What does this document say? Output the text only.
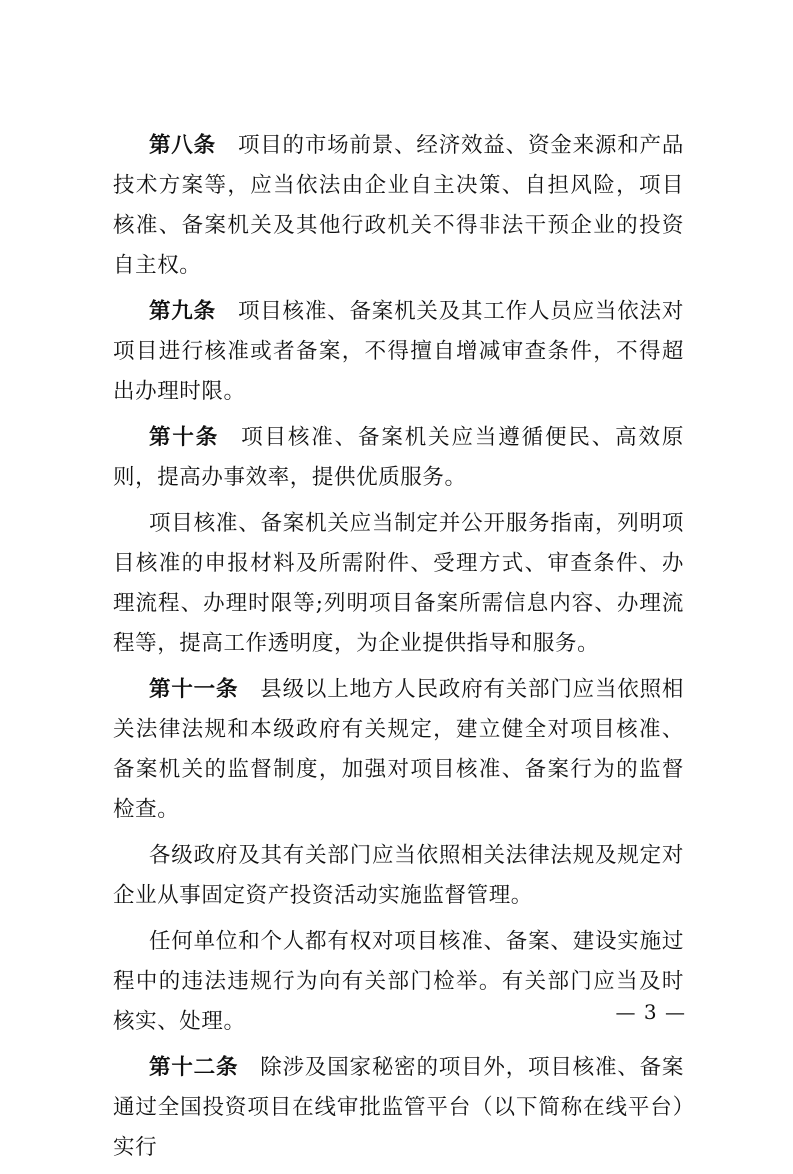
第八条 项目的市场前景、经济效益、资金来源和产品技术方案等，应当依法由企业自主决策、自担风险，项目核准、备案机关及其他行政机关不得非法干预企业的投资自主权。

第九条 项目核准、备案机关及其工作人员应当依法对项目进行核准或者备案，不得擅自增减审查条件，不得超出办理时限。

第十条 项目核准、备案机关应当遵循便民、高效原则，提高办事效率，提供优质服务。

项目核准、备案机关应当制定并公开服务指南，列明项目核准的申报材料及所需附件、受理方式、审查条件、办理流程、办理时限等;列明项目备案所需信息内容、办理流程等，提高工作透明度，为企业提供指导和服务。

第十一条 县级以上地方人民政府有关部门应当依照相关法律法规和本级政府有关规定，建立健全对项目核准、备案机关的监督制度，加强对项目核准、备案行为的监督检查。

各级政府及其有关部门应当依照相关法律法规及规定对企业从事固定资产投资活动实施监督管理。

任何单位和个人都有权对项目核准、备案、建设实施过程中的违法违规行为向有关部门检举。有关部门应当及时核实、处理。

第十二条 除涉及国家秘密的项目外，项目核准、备案通过全国投资项目在线审批监管平台（以下简称在线平台）实行

— 3 —
